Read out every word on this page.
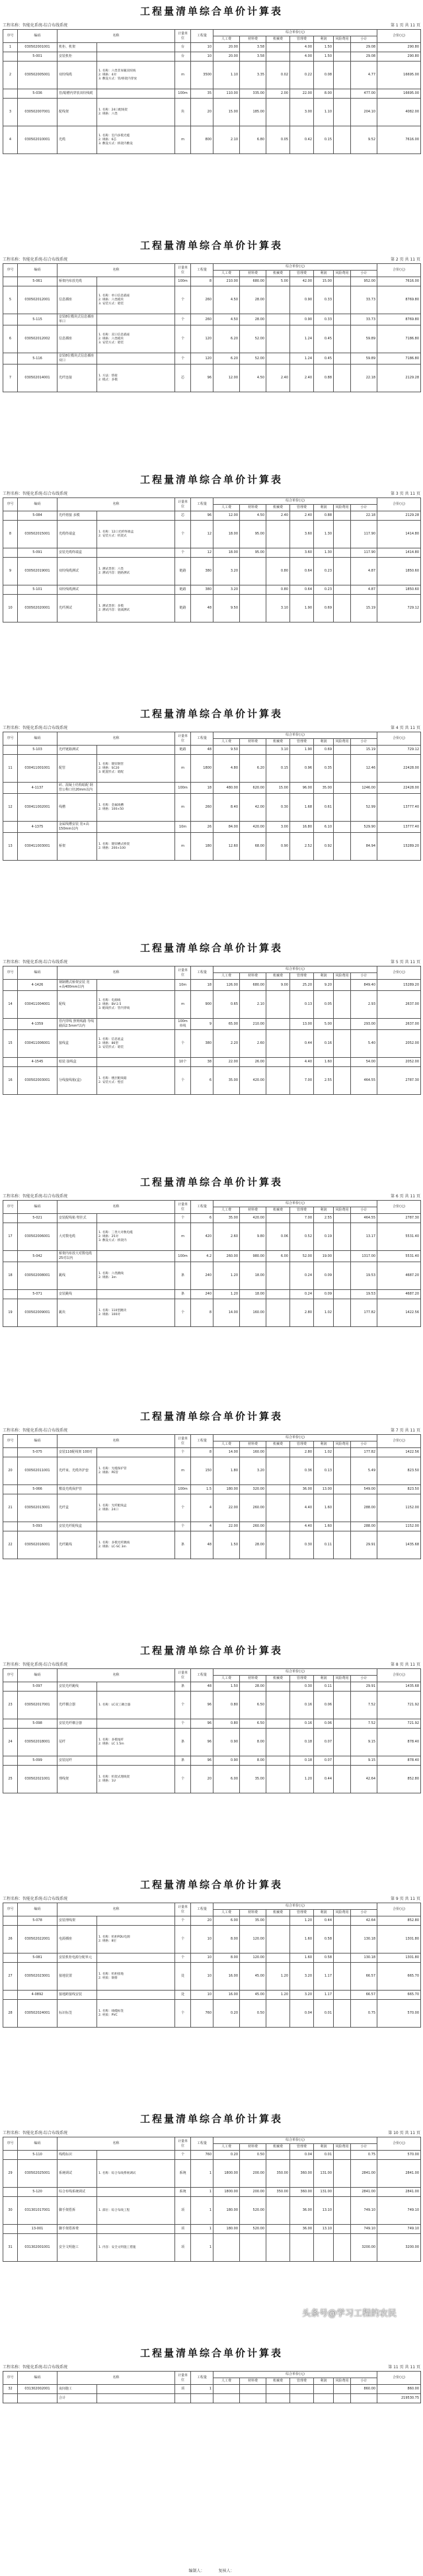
工程量清单综合单价计算表
工程名称：智能化系统-综合布线系统	第 1 页 共 11 页
序号	编码	名称		计量单位	工程量	综合单价(元)							合价(元)
						人工费	材料费	机械费	管理费	利润	风险费用	小计	
1	030502001001	机柜、机架		台	10	20.00	3.58		4.00	1.50		29.08	290.80
	5-001	安装机柜		台	10	20.00	3.58		4.00	1.50		29.08	290.80
2	030502005001	双绞线缆	1. 名称：六类非屏蔽双绞线
2. 规格：4对
3. 敷设方式：管/桥架内穿放	m	3500	1.10	3.35	0.02	0.22	0.08		4.77	16695.00
	5-036	管/暗槽内穿放双绞线缆		100m	35	110.00	335.00	2.00	22.00	8.00		477.00	16695.00
3	030502007001	配线架	1. 名称：24口配线架
2. 规格：六类	块	20	15.00	185.00		3.00	1.10		204.10	4082.00
4	030502010001	光缆	1. 名称：室内多模光缆
2. 规格：6芯
3. 敷设方式：桥架内敷设	m	800	2.10	6.80	0.05	0.42	0.15		9.52	7616.00
工程量清单综合单价计算表
工程名称：智能化系统-综合布线系统	第 2 页 共 11 页
序号	编码	名称		计量单位	工程量	综合单价(元)							合价(元)
						人工费	材料费	机械费	管理费	利润	风险费用	小计	
	5-061	桥架内布放光缆		100m	8	210.00	680.00	5.00	42.00	15.00		952.00	7616.00
5	030502012001	信息插座	1. 名称：单口信息插座
2. 规格：六类模块
3. 安装方式：暗装	个	260	4.50	28.00		0.90	0.33		33.73	8769.80
	5-115	安装8位模块式信息插座 单口		个	260	4.50	28.00		0.90	0.33		33.73	8769.80
6	030502012002	信息插座	1. 名称：双口信息插座
2. 规格：六类模块
3. 安装方式：暗装	个	120	6.20	52.00		1.24	0.45		59.89	7186.80
	5-116	安装8位模块式信息插座 双口		个	120	6.20	52.00		1.24	0.45		59.89	7186.80
7	030502014001	光纤连接	1. 方法：熔接
2. 模式：多模	芯	96	12.00	4.50	2.40	2.40	0.88		22.18	2129.28
工程量清单综合单价计算表
工程名称：智能化系统-综合布线系统	第 3 页 共 11 页
序号	编码	名称		计量单位	工程量	综合单价(元)							合价(元)
						人工费	材料费	机械费	管理费	利润	风险费用	小计	
	5-084	光纤熔接 多模		芯	96	12.00	4.50	2.40	2.40	0.88		22.18	2129.28
8	030502015001	光缆终端盒	1. 名称：12口光纤终端盒
2. 安装方式：机架式	个	12	18.00	95.00		3.60	1.30		117.90	1414.80
	5-091	安装光缆终端盒		个	12	18.00	95.00		3.60	1.30		117.90	1414.80
9	030502019001	双绞线缆测试	1. 测试类别：六类
2. 测试内容：链路测试	链路	380	3.20		0.80	0.64	0.23		4.87	1850.60
	5-101	双绞线缆测试		链路	380	3.20		0.80	0.64	0.23		4.87	1850.60
10	030502020001	光纤测试	1. 测试类别：多模
2. 测试内容：衰减测试	链路	48	9.50		3.10	1.90	0.69		15.19	729.12
工程量清单综合单价计算表
工程名称：智能化系统-综合布线系统	第 4 页 共 11 页
序号	编码	名称		计量单位	工程量	综合单价(元)							合价(元)
						人工费	材料费	机械费	管理费	利润	风险费用	小计	
	5-103	光纤链路测试		链路	48	9.50		3.10	1.90	0.69		15.19	729.12
11	030411001001	配管	1. 名称：镀锌钢管
2. 规格：SC20
3. 配置形式：暗配	m	1800	4.80	6.20	0.15	0.96	0.35		12.46	22428.00
	4-1137	砖、混凝土结构暗配 钢管公称口径20mm以内		100m	18	480.00	620.00	15.00	96.00	35.00		1246.00	22428.00
12	030411002001	线槽	1. 名称：金属线槽
2. 规格：100×50	m	260	8.40	42.00	0.30	1.68	0.61		52.99	13777.40
	4-1375	金属线槽安装 宽+高150mm以内		10m	26	84.00	420.00	3.00	16.80	6.10		529.90	13777.40
13	030411003001	桥架	1. 名称：镀锌槽式桥架
2. 规格：200×100	m	180	12.60	68.00	0.90	2.52	0.92		84.94	15289.20
工程量清单综合单价计算表
工程名称：智能化系统-综合布线系统	第 5 页 共 11 页
序号	编码	名称		计量单位	工程量	综合单价(元)							合价(元)
						人工费	材料费	机械费	管理费	利润	风险费用	小计	
	4-1426	钢制槽式桥架安装 宽+高400mm以内		10m	18	126.00	680.00	9.00	25.20	9.20		849.40	15289.20
14	030411004001	配线	1. 名称：电源线
2. 规格：BV-2.5
3. 配线形式：管内穿线	m	900	0.65	2.10		0.13	0.05		2.93	2637.00
	4-1359	管内穿线 照明线路 导线截面2.5mm²以内		100m单线	9	65.00	210.00		13.00	5.00		293.00	2637.00
15	030411006001	接线盒	1. 名称：信息底盒
2. 规格：86型
3. 安装形式：暗装	个	380	2.20	2.60		0.44	0.16		5.40	2052.00
	4-1545	暗装 接线盒		10个	38	22.00	26.00		4.40	1.60		54.00	2052.00
16	030502003001	分线接线箱(盒)	1. 名称：楼层配线箱
2. 安装方式：壁挂	个	6	35.00	420.00		7.00	2.55		464.55	2787.30
工程量清单综合单价计算表
工程名称：智能化系统-综合布线系统	第 6 页 共 11 页
序号	编码	名称		计量单位	工程量	综合单价(元)							合价(元)
						人工费	材料费	机械费	管理费	利润	风险费用	小计	
	5-021	安装配线箱 壁挂式		个	6	35.00	420.00		7.00	2.55		464.55	2787.30
17	030502006001	大对数电缆	1. 名称：三类大对数电缆
2. 规格：25对
3. 敷设方式：桥架内	m	420	2.60	9.80	0.06	0.52	0.19		13.17	5531.40
	5-042	桥架内布放大对数电缆 25对以内		100m	4.2	260.00	980.00	6.00	52.00	19.00		1317.00	5531.40
18	030502008001	跳线	1. 名称：六类跳线
2. 规格：3m	条	240	1.20	18.00		0.24	0.09		19.53	4687.20
	5-071	安装跳线		条	240	1.20	18.00		0.24	0.09		19.53	4687.20
19	030502009001	跳块	1. 名称：110型跳块
2. 规格：100对	个	8	14.00	160.00		2.80	1.02		177.82	1422.56
工程量清单综合单价计算表
工程名称：智能化系统-综合布线系统	第 7 页 共 11 页
序号	编码	名称		计量单位	工程量	综合单价(元)							合价(元)
						人工费	材料费	机械费	管理费	利润	风险费用	小计	
	5-075	安装110配线架 100对		个	8	14.00	160.00		2.80	1.02		177.82	1422.56
20	030502011001	光纤束、光缆外护套	1. 名称：光缆保护管
2. 规格：PE管	m	150	1.80	3.20		0.36	0.13		5.49	823.50
	5-066	敷设光缆保护管		100m	1.5	180.00	320.00		36.00	13.00		549.00	823.50
21	030502013001	光纤盒	1. 名称：光纤配线盒
2. 规格：24口	个	4	22.00	260.00		4.40	1.60		288.00	1152.00
	5-093	安装光纤配线盒		个	4	22.00	260.00		4.40	1.60		288.00	1152.00
22	030502016001	光纤跳线	1. 名称：多模光纤跳线
2. 规格：LC-SC 3m	条	48	1.50	28.00		0.30	0.11		29.91	1435.68
工程量清单综合单价计算表
工程名称：智能化系统-综合布线系统	第 8 页 共 11 页
序号	编码	名称		计量单位	工程量	综合单价(元)							合价(元)
						人工费	材料费	机械费	管理费	利润	风险费用	小计	
	5-097	安装光纤跳线		条	48	1.50	28.00		0.30	0.11		29.91	1435.68
23	030502017001	光纤耦合器	1. 名称：LC双工耦合器	个	96	0.80	6.50		0.16	0.06		7.52	721.92
	5-098	安装光纤耦合器		个	96	0.80	6.50		0.16	0.06		7.52	721.92
24	030502018001	尾纤	1. 名称：多模尾纤
2. 规格：LC 1.5m	条	96	0.90	8.00		0.18	0.07		9.15	878.40
	5-099	安装尾纤		条	96	0.90	8.00		0.18	0.07		9.15	878.40
25	030502021001	理线架	1. 名称：机架式理线架
2. 规格：1U	个	20	6.00	35.00		1.20	0.44		42.64	852.80
工程量清单综合单价计算表
工程名称：智能化系统-综合布线系统	第 9 页 共 11 页
序号	编码	名称		计量单位	工程量	综合单价(元)							合价(元)
						人工费	材料费	机械费	管理费	利润	风险费用	小计	
	5-078	安装理线架		个	20	6.00	35.00		1.20	0.44		42.64	852.80
26	030502022001	电源插座	1. 名称：机柜PDU电源
2. 规格：8位	个	10	8.00	120.00		1.60	0.58		130.18	1301.80
	5-081	安装机柜电源分配单元		个	10	8.00	120.00		1.60	0.58		130.18	1301.80
27	030502023001	接地装置	1. 名称：机柜接地
2. 材质：铜排	处	10	16.00	45.00	1.20	3.20	1.17		66.57	665.70
	4-0892	接地跨接线安装		处	10	16.00	45.00	1.20	3.20	1.17		66.57	665.70
28	030502024001	标识标签	1. 名称：线缆标签
2. 材质：PVC	个	760	0.20	0.50		0.04	0.01		0.75	570.00
工程量清单综合单价计算表
工程名称：智能化系统-综合布线系统	第 10 页 共 11 页
序号	编码	名称		计量单位	工程量	综合单价(元)							合价(元)
						人工费	材料费	机械费	管理费	利润	风险费用	小计	
	5-110	线缆标识		个	760	0.20	0.50		0.04	0.01		0.75	570.00
29	030502025001	系统调试	1. 名称：综合布线系统调试	系统	1	1800.00	200.00	350.00	360.00	131.00		2841.00	2841.00
	5-120	综合布线系统调试		系统	1	1800.00	200.00	350.00	360.00	131.00		2841.00	2841.00
30	031301017001	脚手架搭拆	1. 部位：综合布线工程	项	1	180.00	520.00		36.00	13.10		749.10	749.10
	13-001	脚手架搭拆费		项	1	180.00	520.00		36.00	13.10		749.10	749.10
31	031302001001	安全文明施工	1. 内容：安全文明施工措施	项	1							3200.00	3200.00
工程量清单综合单价计算表
工程名称：智能化系统-综合布线系统	第 11 页 共 11 页
序号	编码	名称		计量单位	工程量	综合单价(元)							合价(元)
						人工费	材料费	机械费	管理费	利润	风险费用	小计	
32	031302002001	夜间施工		项	1							860.00	860.00
		合计											219530.75
编制人：　　　　复核人：
头条号@学习工程的农民
